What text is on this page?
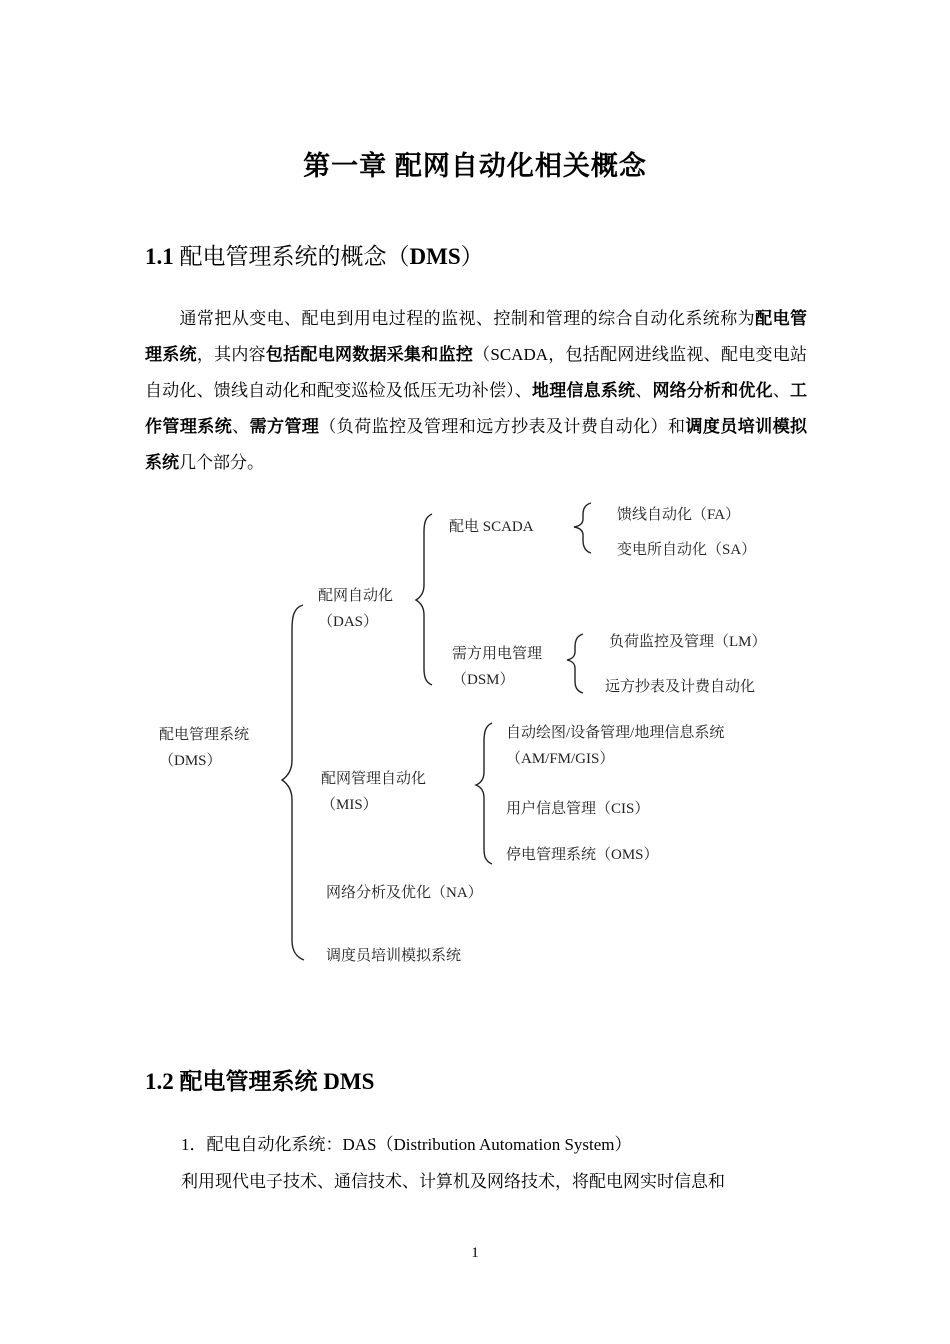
第一章 配网自动化相关概念
1.1 配电管理系统的概念（DMS）
通常把从变电、配电到用电过程的监视、控制和管理的综合自动化系统称为配电管理系统，其内容包括配电网数据采集和监控（SCADA，包括配网进线监视、配电变电站自动化、馈线自动化和配变巡检及低压无功补偿）、地理信息系统、网络分析和优化、工作管理系统、需方管理（负荷监控及管理和远方抄表及计费自动化）和调度员培训模拟系统几个部分。
配电管理系统
（DMS）
配网自动化
（DAS）
配电 SCADA
馈线自动化（FA）
变电所自动化（SA）
需方用电管理
（DSM）
负荷监控及管理（LM）
远方抄表及计费自动化
配网管理自动化
（MIS）
自动绘图/设备管理/地理信息系统
（AM/FM/GIS）
用户信息管理（CIS）
停电管理系统（OMS）
网络分析及优化（NA）
调度员培训模拟系统
1.2 配电管理系统 DMS
1．配电自动化系统：DAS（Distribution Automation System）
利用现代电子技术、通信技术、计算机及网络技术，将配电网实时信息和
1
